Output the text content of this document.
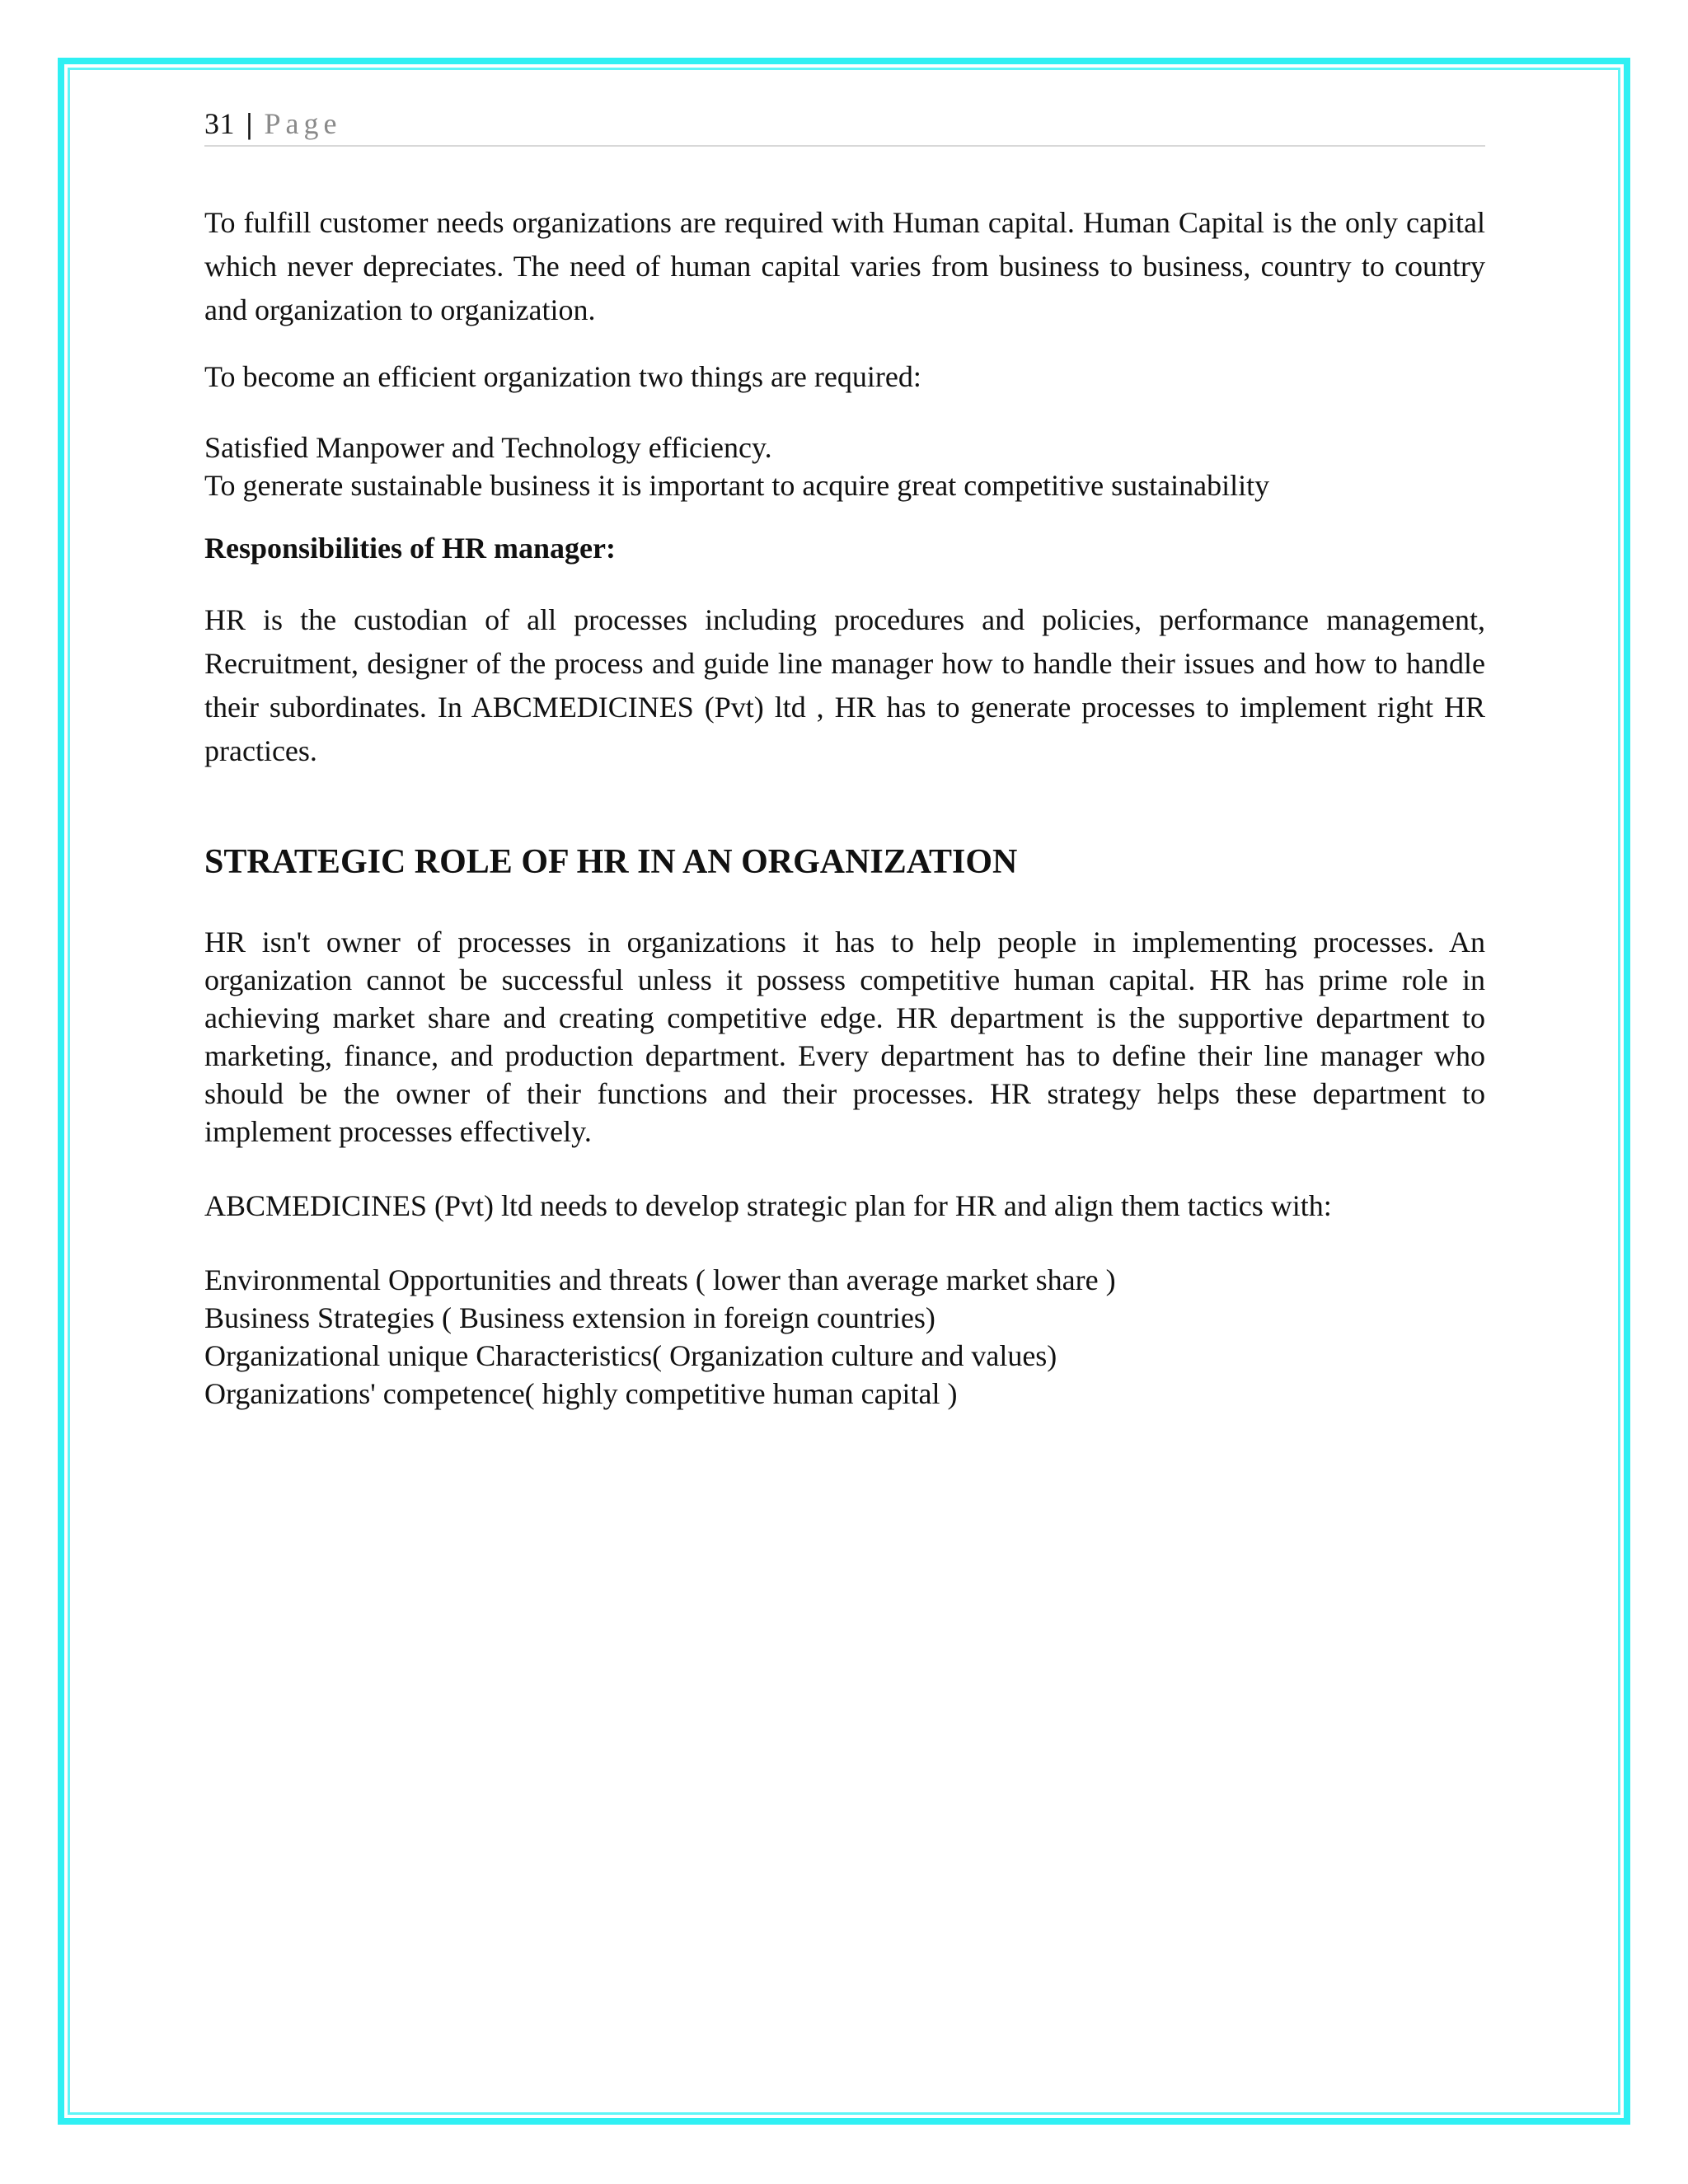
31 | Page

To fulfill customer needs organizations are required with Human capital. Human Capital is the only capital which never depreciates. The need of human capital varies from business to business, country to country and organization to organization.

To become an efficient organization two things are required:

Satisfied Manpower and Technology efficiency.

To generate sustainable business it is important to acquire great competitive sustainability

Responsibilities of HR manager:

HR is the custodian of all processes including procedures and policies, performance management, Recruitment, designer of the process and guide line manager how to handle their issues and how to handle their subordinates. In ABCMEDICINES (Pvt) ltd , HR has to generate processes to implement right HR practices.

STRATEGIC ROLE OF HR IN AN ORGANIZATION

HR isn't owner of processes in organizations it has to help people in implementing processes. An organization cannot be successful unless it possess competitive human capital. HR has prime role in achieving market share and creating competitive edge. HR department is the supportive department to marketing, finance, and production department. Every department has to define their line manager who should be the owner of their functions and their processes. HR strategy helps these department to implement processes effectively.

ABCMEDICINES (Pvt) ltd needs to develop strategic plan for HR and align them tactics with:

Environmental Opportunities and threats ( lower than average market share )
Business Strategies ( Business extension in foreign countries)
Organizational unique Characteristics( Organization culture and values)
Organizations' competence( highly competitive human capital )
